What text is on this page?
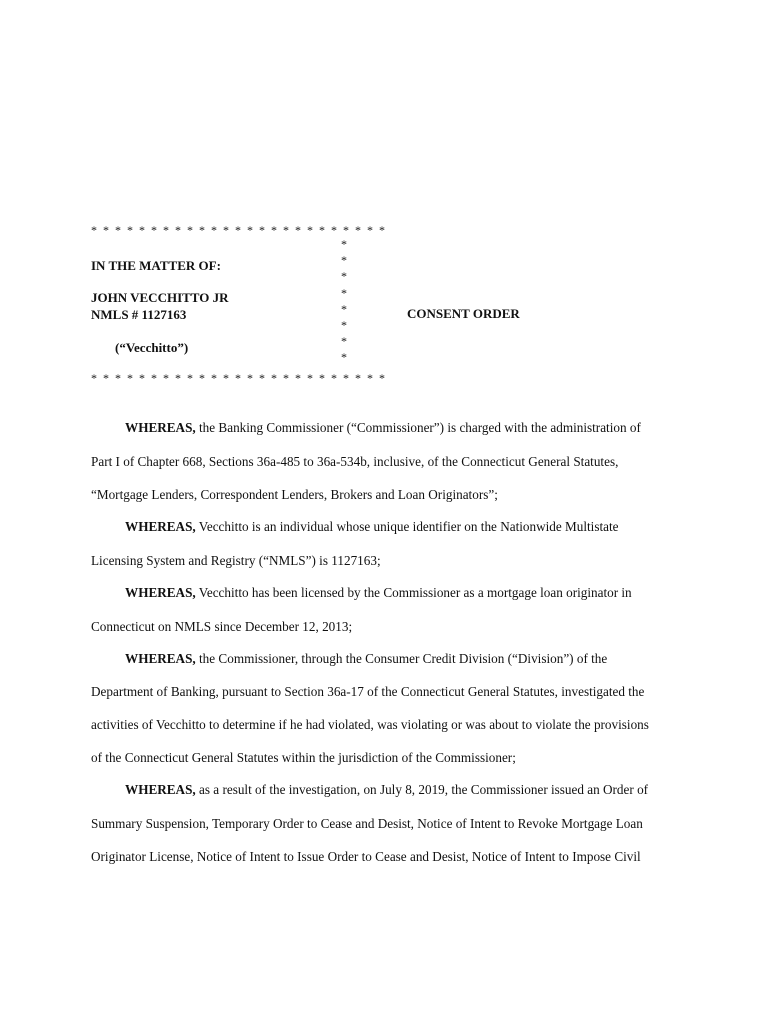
* * * * * * * * * * * * * * * * * * * * * * * * *
*
*
*
*
*
*
*
*
IN THE MATTER OF:
JOHN VECCHITTO JR
NMLS # 1127163
(“Vecchitto”)
* * * * * * * * * * * * * * * * * * * * * * * * *
CONSENT ORDER
WHEREAS, the Banking Commissioner (“Commissioner”) is charged with the administration of
Part I of Chapter 668, Sections 36a-485 to 36a-534b, inclusive, of the Connecticut General Statutes,
“Mortgage Lenders, Correspondent Lenders, Brokers and Loan Originators”;
WHEREAS, Vecchitto is an individual whose unique identifier on the Nationwide Multistate
Licensing System and Registry (“NMLS”) is 1127163;
WHEREAS, Vecchitto has been licensed by the Commissioner as a mortgage loan originator in
Connecticut on NMLS since December 12, 2013;
WHEREAS, the Commissioner, through the Consumer Credit Division (“Division”) of the
Department of Banking, pursuant to Section 36a-17 of the Connecticut General Statutes, investigated the
activities of Vecchitto to determine if he had violated, was violating or was about to violate the provisions
of the Connecticut General Statutes within the jurisdiction of the Commissioner;
WHEREAS, as a result of the investigation, on July 8, 2019, the Commissioner issued an Order of
Summary Suspension, Temporary Order to Cease and Desist, Notice of Intent to Revoke Mortgage Loan
Originator License, Notice of Intent to Issue Order to Cease and Desist, Notice of Intent to Impose Civil
